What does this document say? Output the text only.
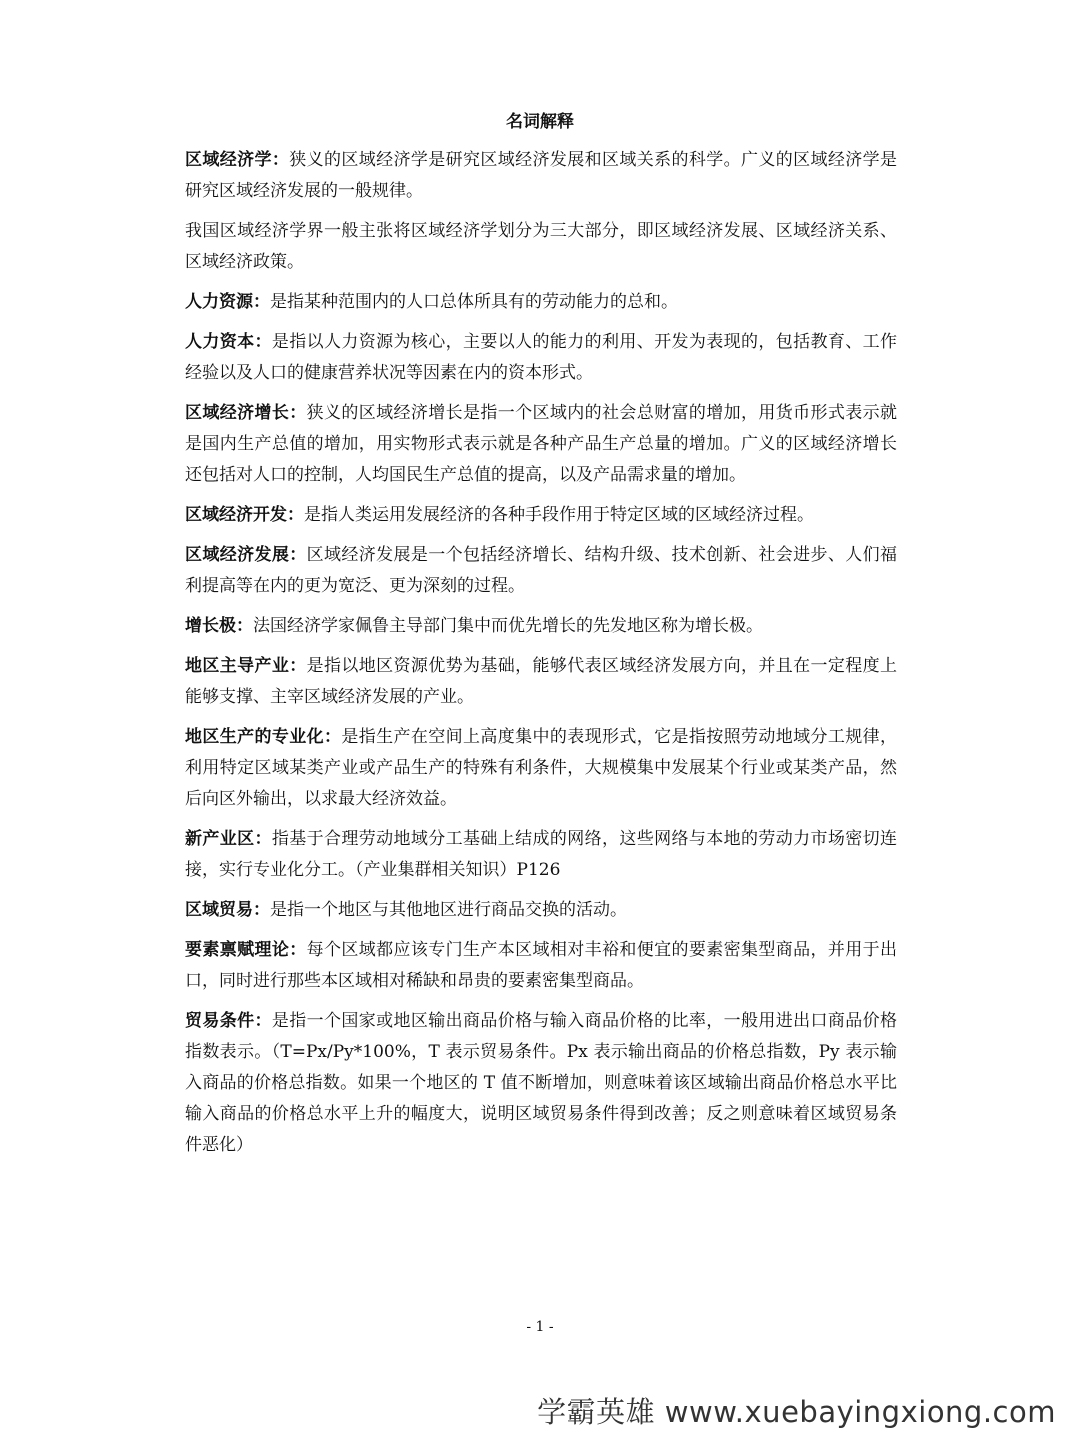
名词解释

区域经济学：狭义的区域经济学是研究区域经济发展和区域关系的科学。广义的区域经济学是研究区域经济发展的一般规律。

我国区域经济学界一般主张将区域经济学划分为三大部分，即区域经济发展、区域经济关系、区域经济政策。

人力资源：是指某种范围内的人口总体所具有的劳动能力的总和。

人力资本：是指以人力资源为核心，主要以人的能力的利用、开发为表现的，包括教育、工作经验以及人口的健康营养状况等因素在内的资本形式。

区域经济增长：狭义的区域经济增长是指一个区域内的社会总财富的增加，用货币形式表示就是国内生产总值的增加，用实物形式表示就是各种产品生产总量的增加。广义的区域经济增长还包括对人口的控制，人均国民生产总值的提高，以及产品需求量的增加。

区域经济开发：是指人类运用发展经济的各种手段作用于特定区域的区域经济过程。

区域经济发展：区域经济发展是一个包括经济增长、结构升级、技术创新、社会进步、人们福利提高等在内的更为宽泛、更为深刻的过程。

增长极：法国经济学家佩鲁主导部门集中而优先增长的先发地区称为增长极。

地区主导产业：是指以地区资源优势为基础，能够代表区域经济发展方向，并且在一定程度上能够支撑、主宰区域经济发展的产业。

地区生产的专业化：是指生产在空间上高度集中的表现形式，它是指按照劳动地域分工规律，利用特定区域某类产业或产品生产的特殊有利条件，大规模集中发展某个行业或某类产品，然后向区外输出，以求最大经济效益。

新产业区：指基于合理劳动地域分工基础上结成的网络，这些网络与本地的劳动力市场密切连接，实行专业化分工。（产业集群相关知识）P126

区域贸易：是指一个地区与其他地区进行商品交换的活动。

要素禀赋理论：每个区域都应该专门生产本区域相对丰裕和便宜的要素密集型商品，并用于出口，同时进行那些本区域相对稀缺和昂贵的要素密集型商品。

贸易条件：是指一个国家或地区输出商品价格与输入商品价格的比率，一般用进出口商品价格指数表示。（T=Px/Py*100%，T 表示贸易条件。Px 表示输出商品的价格总指数，Py 表示输入商品的价格总指数。如果一个地区的 T 值不断增加，则意味着该区域输出商品价格总水平比输入商品的价格总水平上升的幅度大，说明区域贸易条件得到改善；反之则意味着区域贸易条件恶化）

- 1 -
学霸英雄 www.xuebayingxiong.com
